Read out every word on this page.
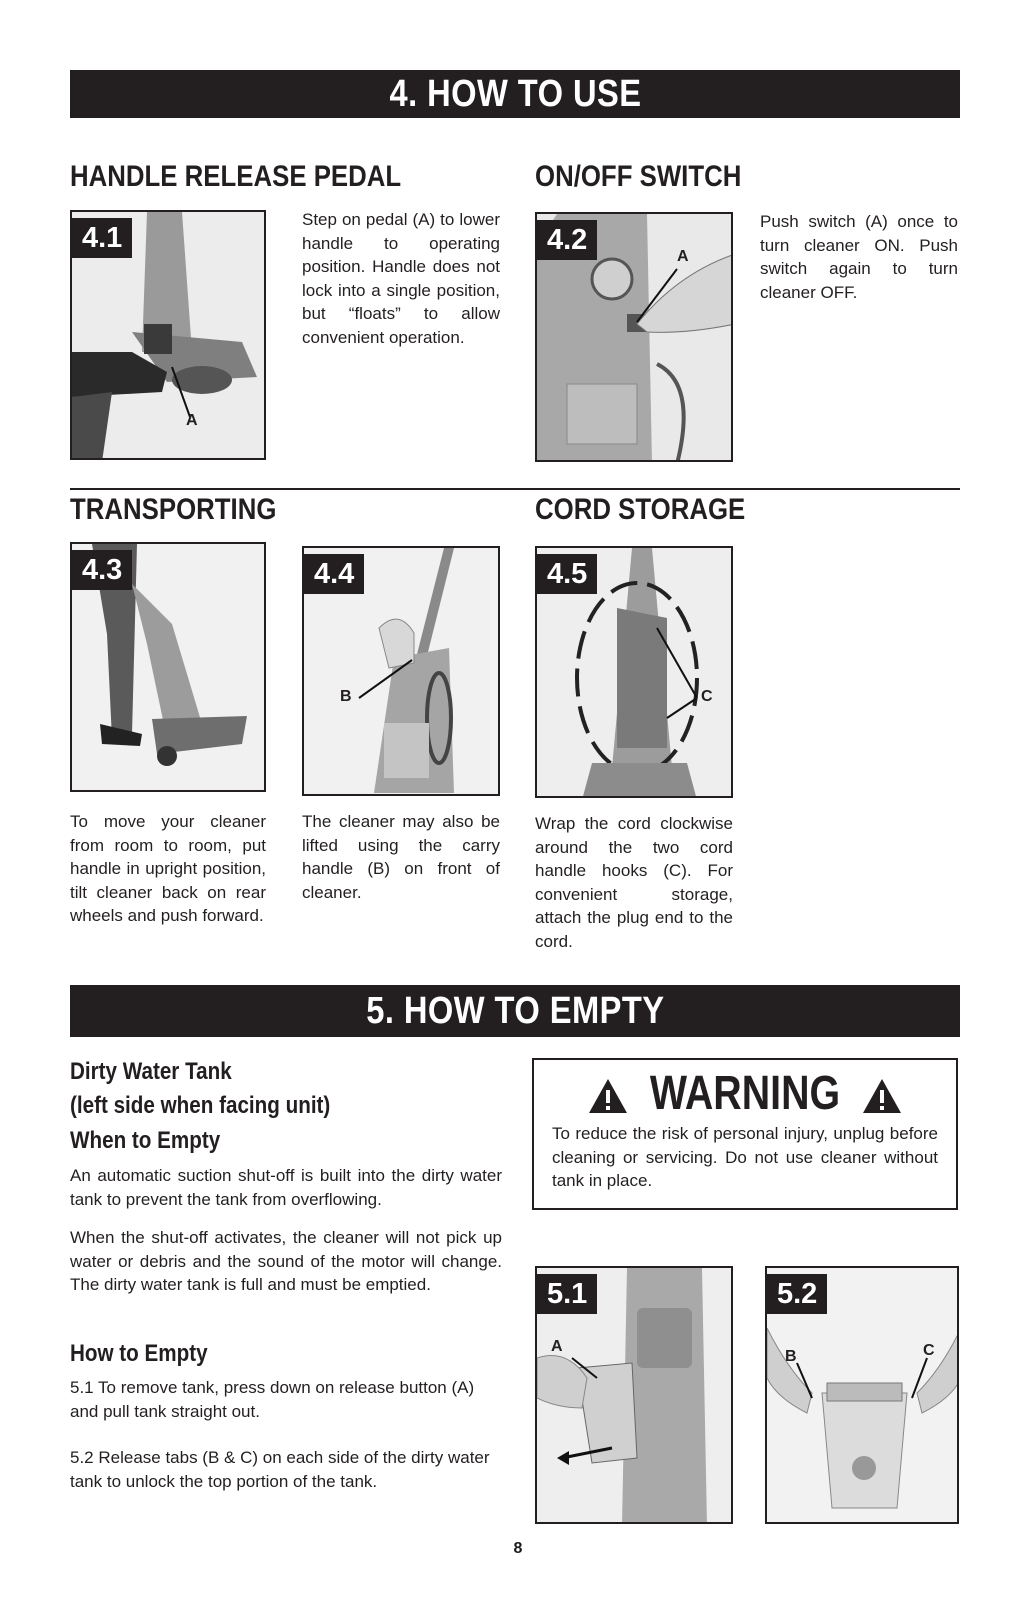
4. HOW TO USE
HANDLE RELEASE PEDAL
4.1
A
Step on pedal (A) to lower handle to operating position. Handle does not lock into a single position, but “floats” to allow convenient operation.
ON/OFF SWITCH
4.2
A
Push switch (A) once to turn cleaner ON. Push switch again to turn cleaner OFF.
TRANSPORTING
4.3	4.4
B
To move your cleaner from room to room, put handle in upright position, tilt cleaner back on rear wheels and push forward.
The cleaner may also be lifted using the carry handle (B) on front of cleaner.
CORD STORAGE
4.5
C
Wrap the cord clockwise around the two cord handle hooks (C). For convenient storage, attach the plug end to the cord.
5. HOW TO EMPTY
Dirty Water Tank
(left side when facing unit)
When to Empty
An automatic suction shut-off is built into the dirty water tank to prevent the tank from overflowing.
When the shut-off activates, the cleaner will not pick up water or debris and the sound of the motor will change. The dirty water tank is full and must be emptied.
How to Empty
5.1 To remove tank, press down on release button (A) and pull tank straight out.
5.2 Release tabs (B & C) on each side of the dirty water tank to unlock the top portion of the tank.
WARNING
To reduce the risk of personal injury, unplug before cleaning or servicing. Do not use cleaner without tank in place.
5.1
A
5.2
B	C
8
